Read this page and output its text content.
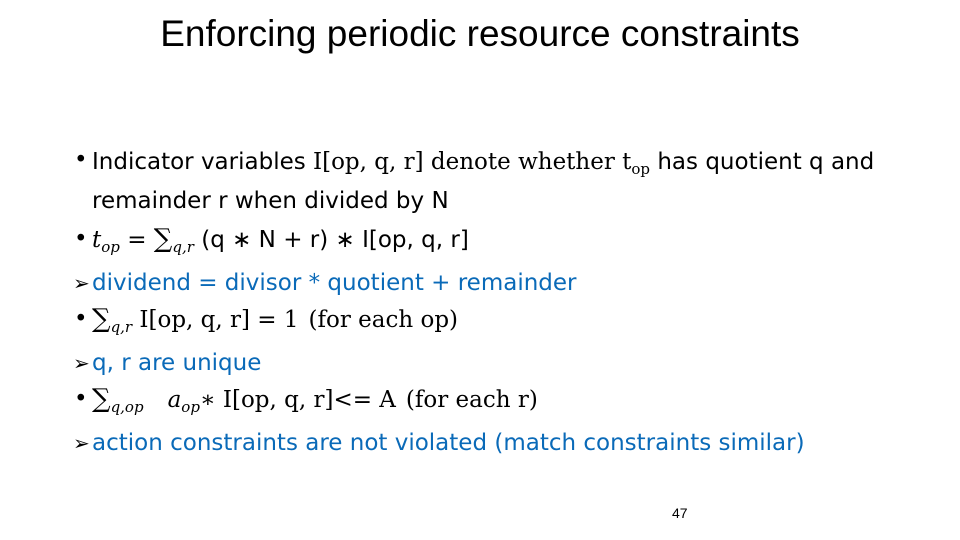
Enforcing periodic resource constraints
• Indicator variables I[op, q, r] denote whether $t_{op}$ has quotient q and
remainder r when divided by N
• $t_{op} = \sum_{q,r}$ (q ∗ N + r) ∗ I[op, q, r]
➢ dividend = divisor * quotient + remainder
• $\sum_{q,r}$ I[op, q, r] = 1 (for each op)
➢ q, r are unique
• $\sum_{q,op}$ $a_{op}∗$ I[op, q, r]<= A (for each r)
➢ action constraints are not violated (match constraints similar)
47
